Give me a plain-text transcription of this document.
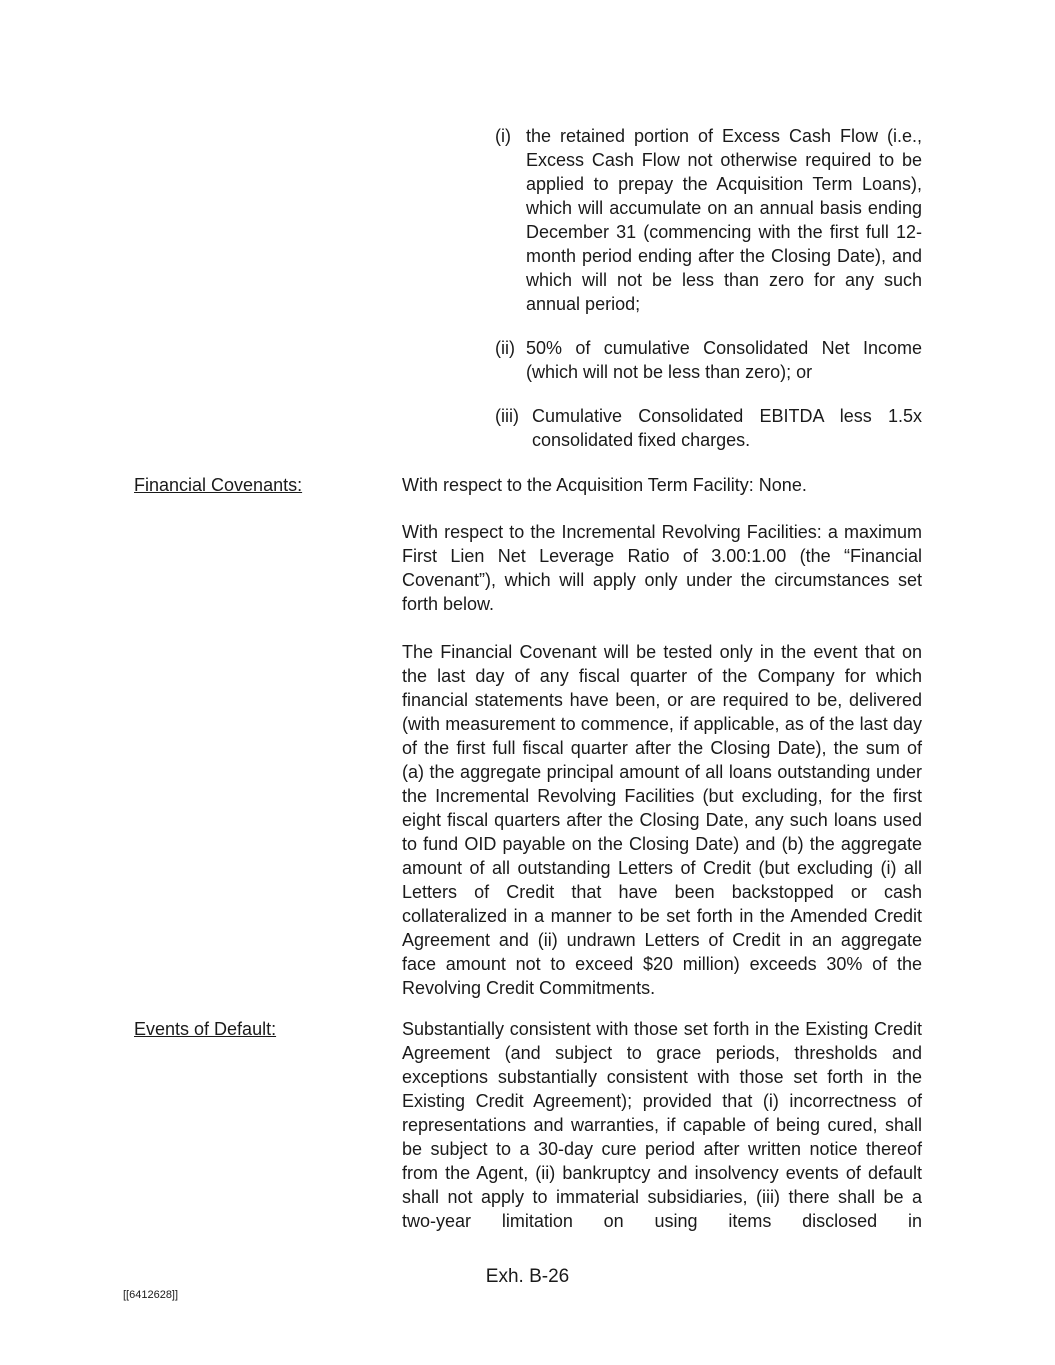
(i) the retained portion of Excess Cash Flow (i.e., Excess Cash Flow not otherwise required to be applied to prepay the Acquisition Term Loans), which will accumulate on an annual basis ending December 31 (commencing with the first full 12-month period ending after the Closing Date), and which will not be less than zero for any such annual period;
(ii) 50% of cumulative Consolidated Net Income (which will not be less than zero); or
(iii) Cumulative Consolidated EBITDA less 1.5x consolidated fixed charges.
Financial Covenants:	With respect to the Acquisition Term Facility: None.

With respect to the Incremental Revolving Facilities: a maximum First Lien Net Leverage Ratio of 3.00:1.00 (the “Financial Covenant”), which will apply only under the circumstances set forth below.

The Financial Covenant will be tested only in the event that on the last day of any fiscal quarter of the Company for which financial statements have been, or are required to be, delivered (with measurement to commence, if applicable, as of the last day of the first full fiscal quarter after the Closing Date), the sum of (a) the aggregate principal amount of all loans outstanding under the Incremental Revolving Facilities (but excluding, for the first eight fiscal quarters after the Closing Date, any such loans used to fund OID payable on the Closing Date) and (b) the aggregate amount of all outstanding Letters of Credit (but excluding (i) all Letters of Credit that have been backstopped or cash collateralized in a manner to be set forth in the Amended Credit Agreement and (ii) undrawn Letters of Credit in an aggregate face amount not to exceed $20 million) exceeds 30% of the Revolving Credit Commitments.

Events of Default:	Substantially consistent with those set forth in the Existing Credit Agreement (and subject to grace periods, thresholds and exceptions substantially consistent with those set forth in the Existing Credit Agreement); provided that (i) incorrectness of representations and warranties, if capable of being cured, shall be subject to a 30-day cure period after written notice thereof from the Agent, (ii) bankruptcy and insolvency events of default shall not apply to immaterial subsidiaries, (iii) there shall be a two-year limitation on using items disclosed in

Exh. B-26
[[6412628]]
